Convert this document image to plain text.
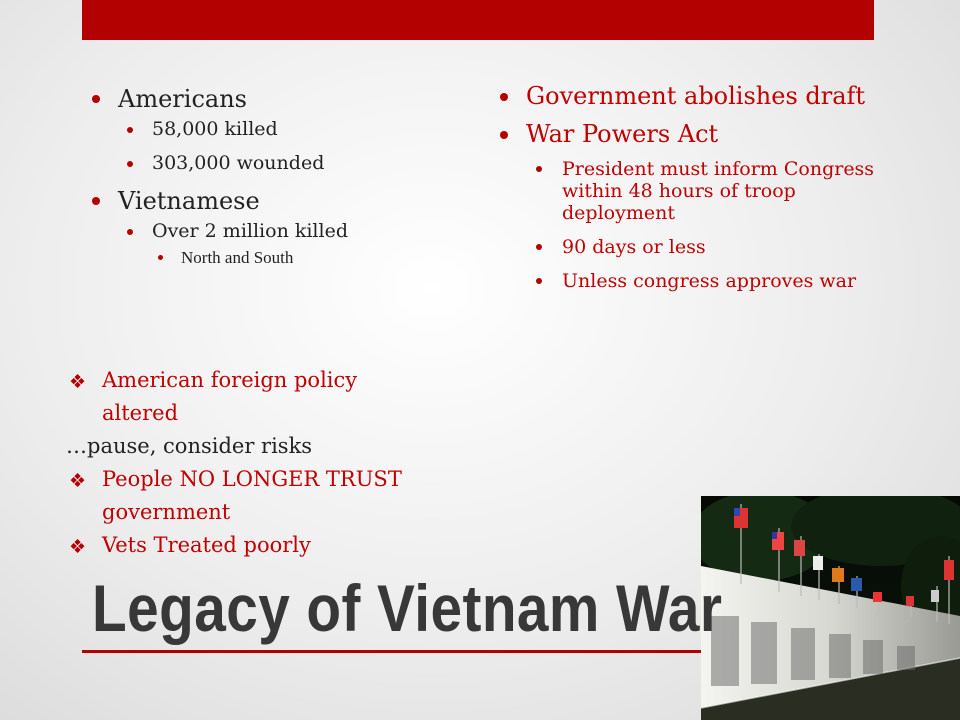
Americans
58,000 killed
303,000 wounded
Vietnamese
Over 2 million killed
North and South
Government abolishes draft
War Powers Act
President must inform Congress within 48 hours of troop deployment
90 days or less
Unless congress approves war
❖ American foreign policy altered
…pause, consider risks
❖ People NO LONGER TRUST government
❖ Vets Treated poorly
Legacy of Vietnam War
